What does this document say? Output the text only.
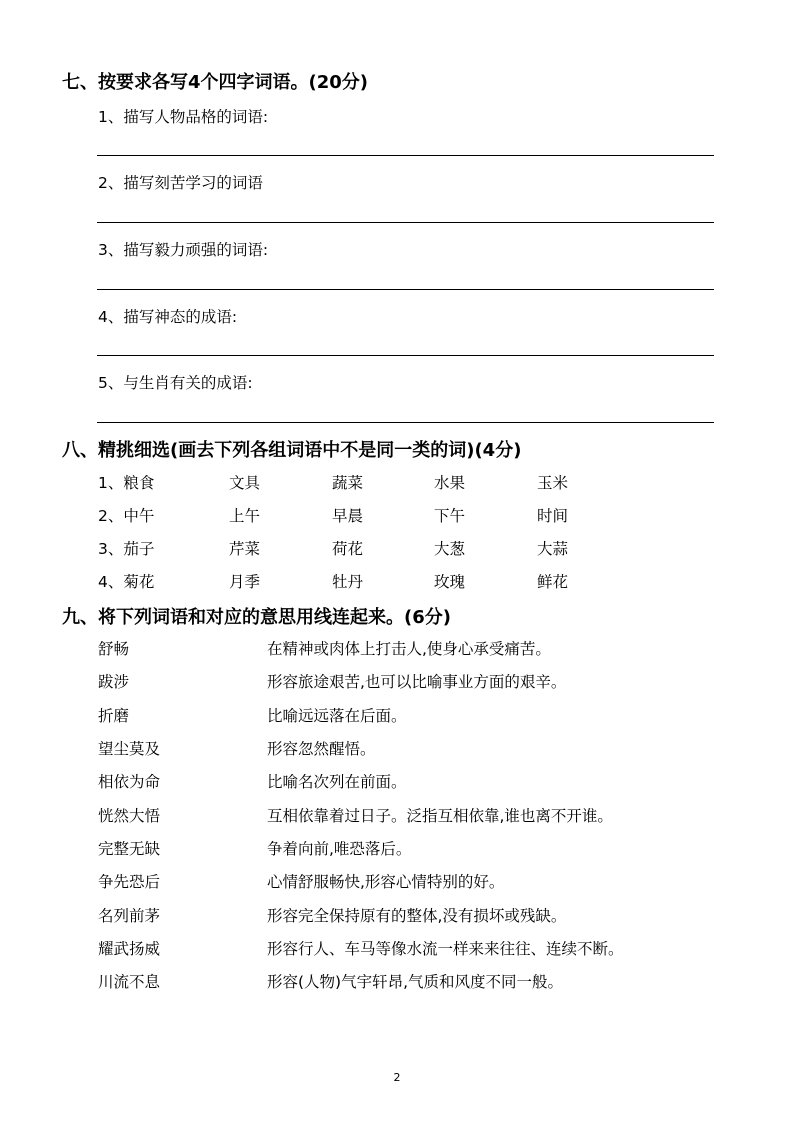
七、按要求各写4个四字词语。(20分)
1、描写人物品格的词语:
2、描写刻苦学习的词语
3、描写毅力顽强的词语:
4、描写神态的成语:
5、与生肖有关的成语:
八、精挑细选(画去下列各组词语中不是同一类的词)(4分)
1、粮食	文具	蔬菜	水果	玉米
2、中午	上午	早晨	下午	时间
3、茄子	芹菜	荷花	大葱	大蒜
4、菊花	月季	牡丹	玫瑰	鲜花
九、将下列词语和对应的意思用线连起来。(6分)
舒畅	在精神或肉体上打击人,使身心承受痛苦。
跋涉	形容旅途艰苦,也可以比喻事业方面的艰辛。
折磨	比喻远远落在后面。
望尘莫及	形容忽然醒悟。
相依为命	比喻名次列在前面。
恍然大悟	互相依靠着过日子。泛指互相依靠,谁也离不开谁。
完整无缺	争着向前,唯恐落后。
争先恐后	心情舒服畅快,形容心情特别的好。
名列前茅	形容完全保持原有的整体,没有损坏或残缺。
耀武扬威	形容行人、车马等像水流一样来来往往、连续不断。
川流不息	形容(人物)气宇轩昂,气质和风度不同一般。
2
